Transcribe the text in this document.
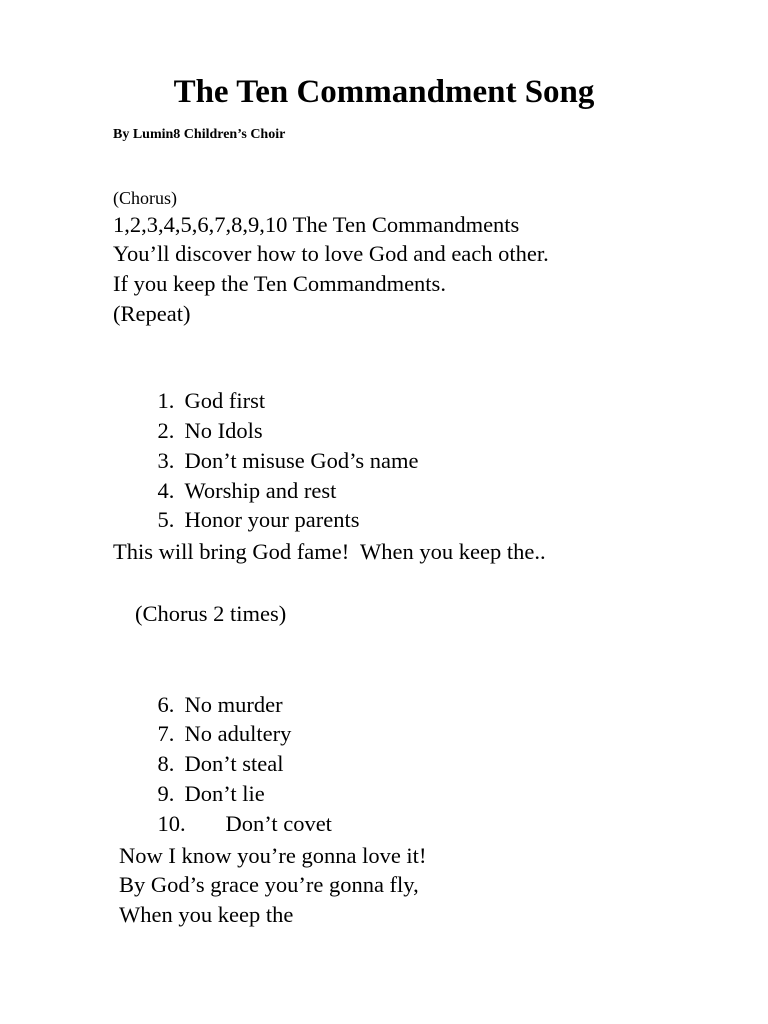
The Ten Commandment Song
By Lumin8 Children’s Choir
(Chorus)
1,2,3,4,5,6,7,8,9,10 The Ten Commandments
You’ll discover how to love God and each other.
If you keep the Ten Commandments.
(Repeat)

1. God first

2. No Idols

3. Don’t misuse God’s name

4. Worship and rest

5. Honor your parents

This will bring God fame!  When you keep the..
(Chorus 2 times)

6. No murder

7. No adultery

8. Don’t steal

9. Don’t lie

10. Don’t covet

Now I know you’re gonna love it!
By God’s grace you’re gonna fly,
When you keep the
